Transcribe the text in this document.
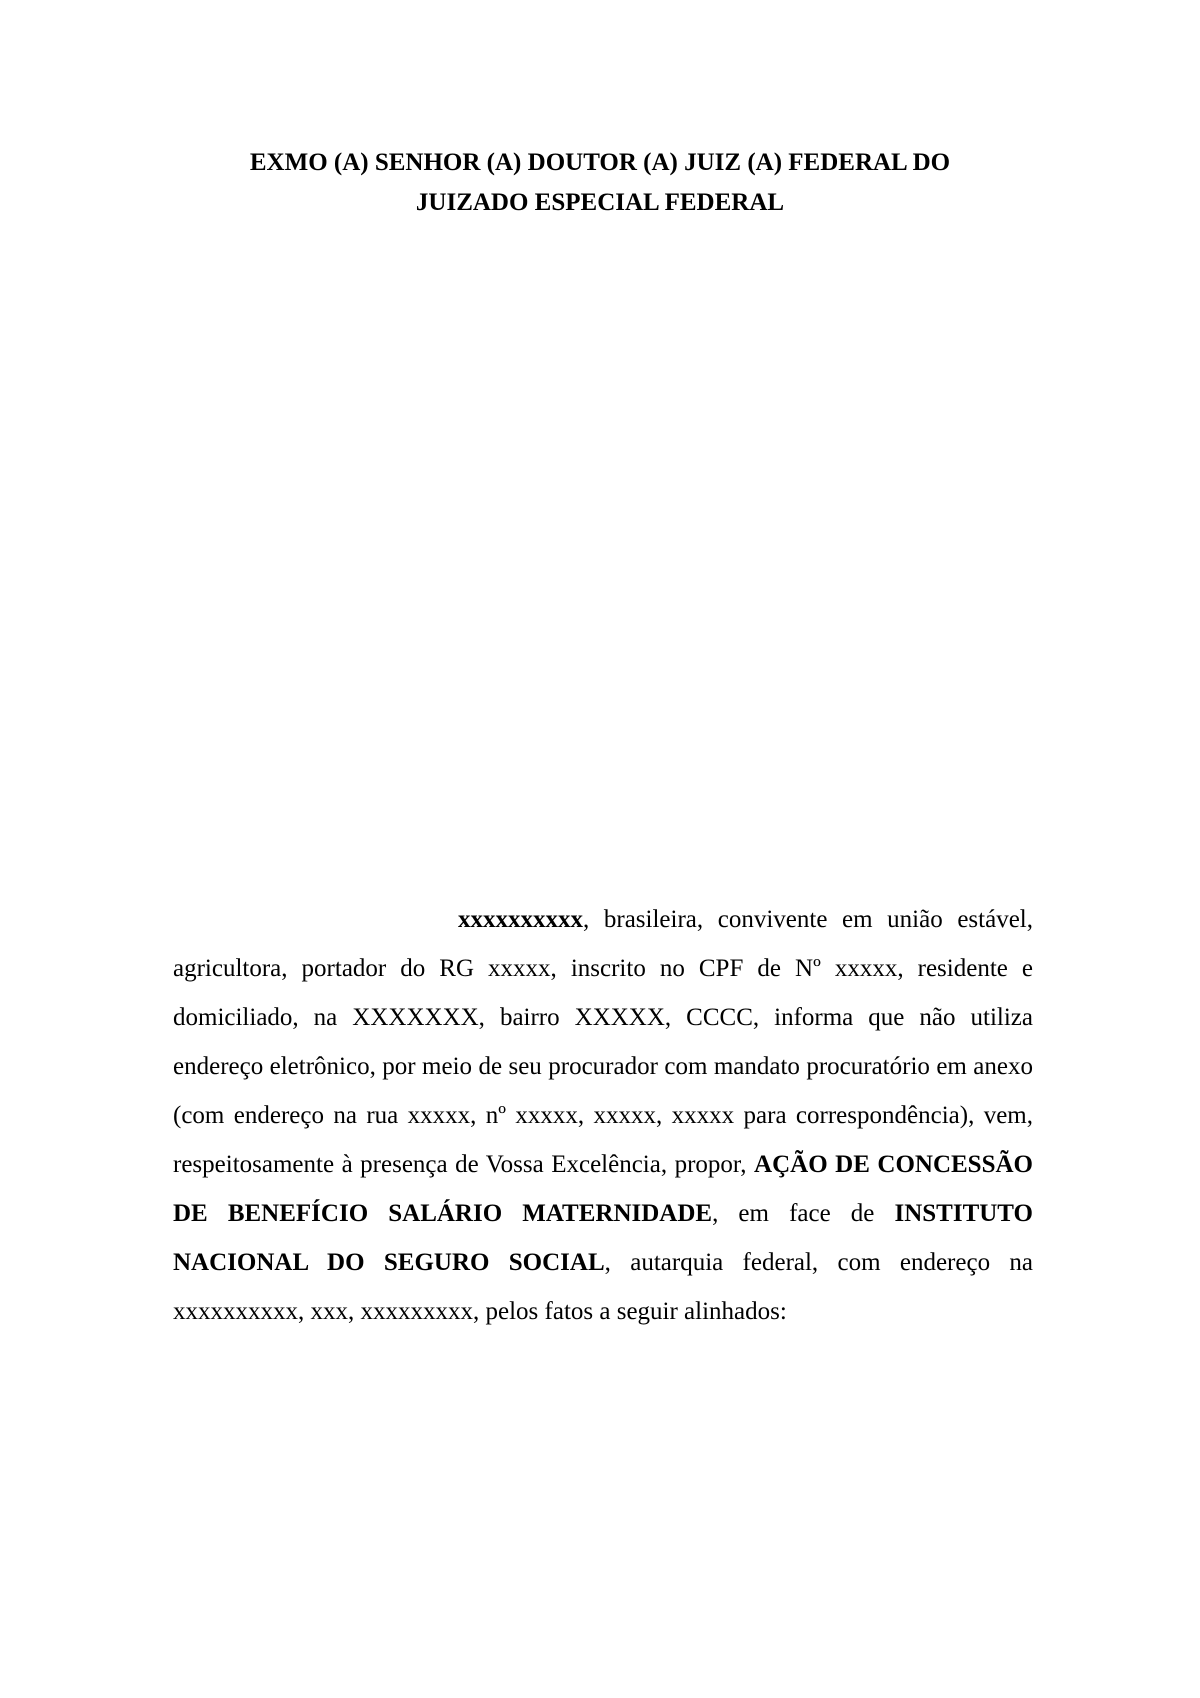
EXMO (A) SENHOR (A) DOUTOR (A) JUIZ (A) FEDERAL DO
JUIZADO ESPECIAL FEDERAL

xxxxxxxxxx, brasileira, convivente em união estável, agricultora, portador do RG xxxxx, inscrito no CPF de Nº xxxxx, residente e domiciliado, na XXXXXXX, bairro XXXXX, CCCC, informa que não utiliza endereço eletrônico, por meio de seu procurador com mandato procuratório em anexo (com endereço na rua xxxxx, nº xxxxx, xxxxx, xxxxx para correspondência), vem, respeitosamente à presença de Vossa Excelência, propor, AÇÃO DE CONCESSÃO DE BENEFÍCIO SALÁRIO MATERNIDADE, em face de INSTITUTO NACIONAL DO SEGURO SOCIAL, autarquia federal, com endereço na xxxxxxxxxx, xxx, xxxxxxxxx, pelos fatos a seguir alinhados:
